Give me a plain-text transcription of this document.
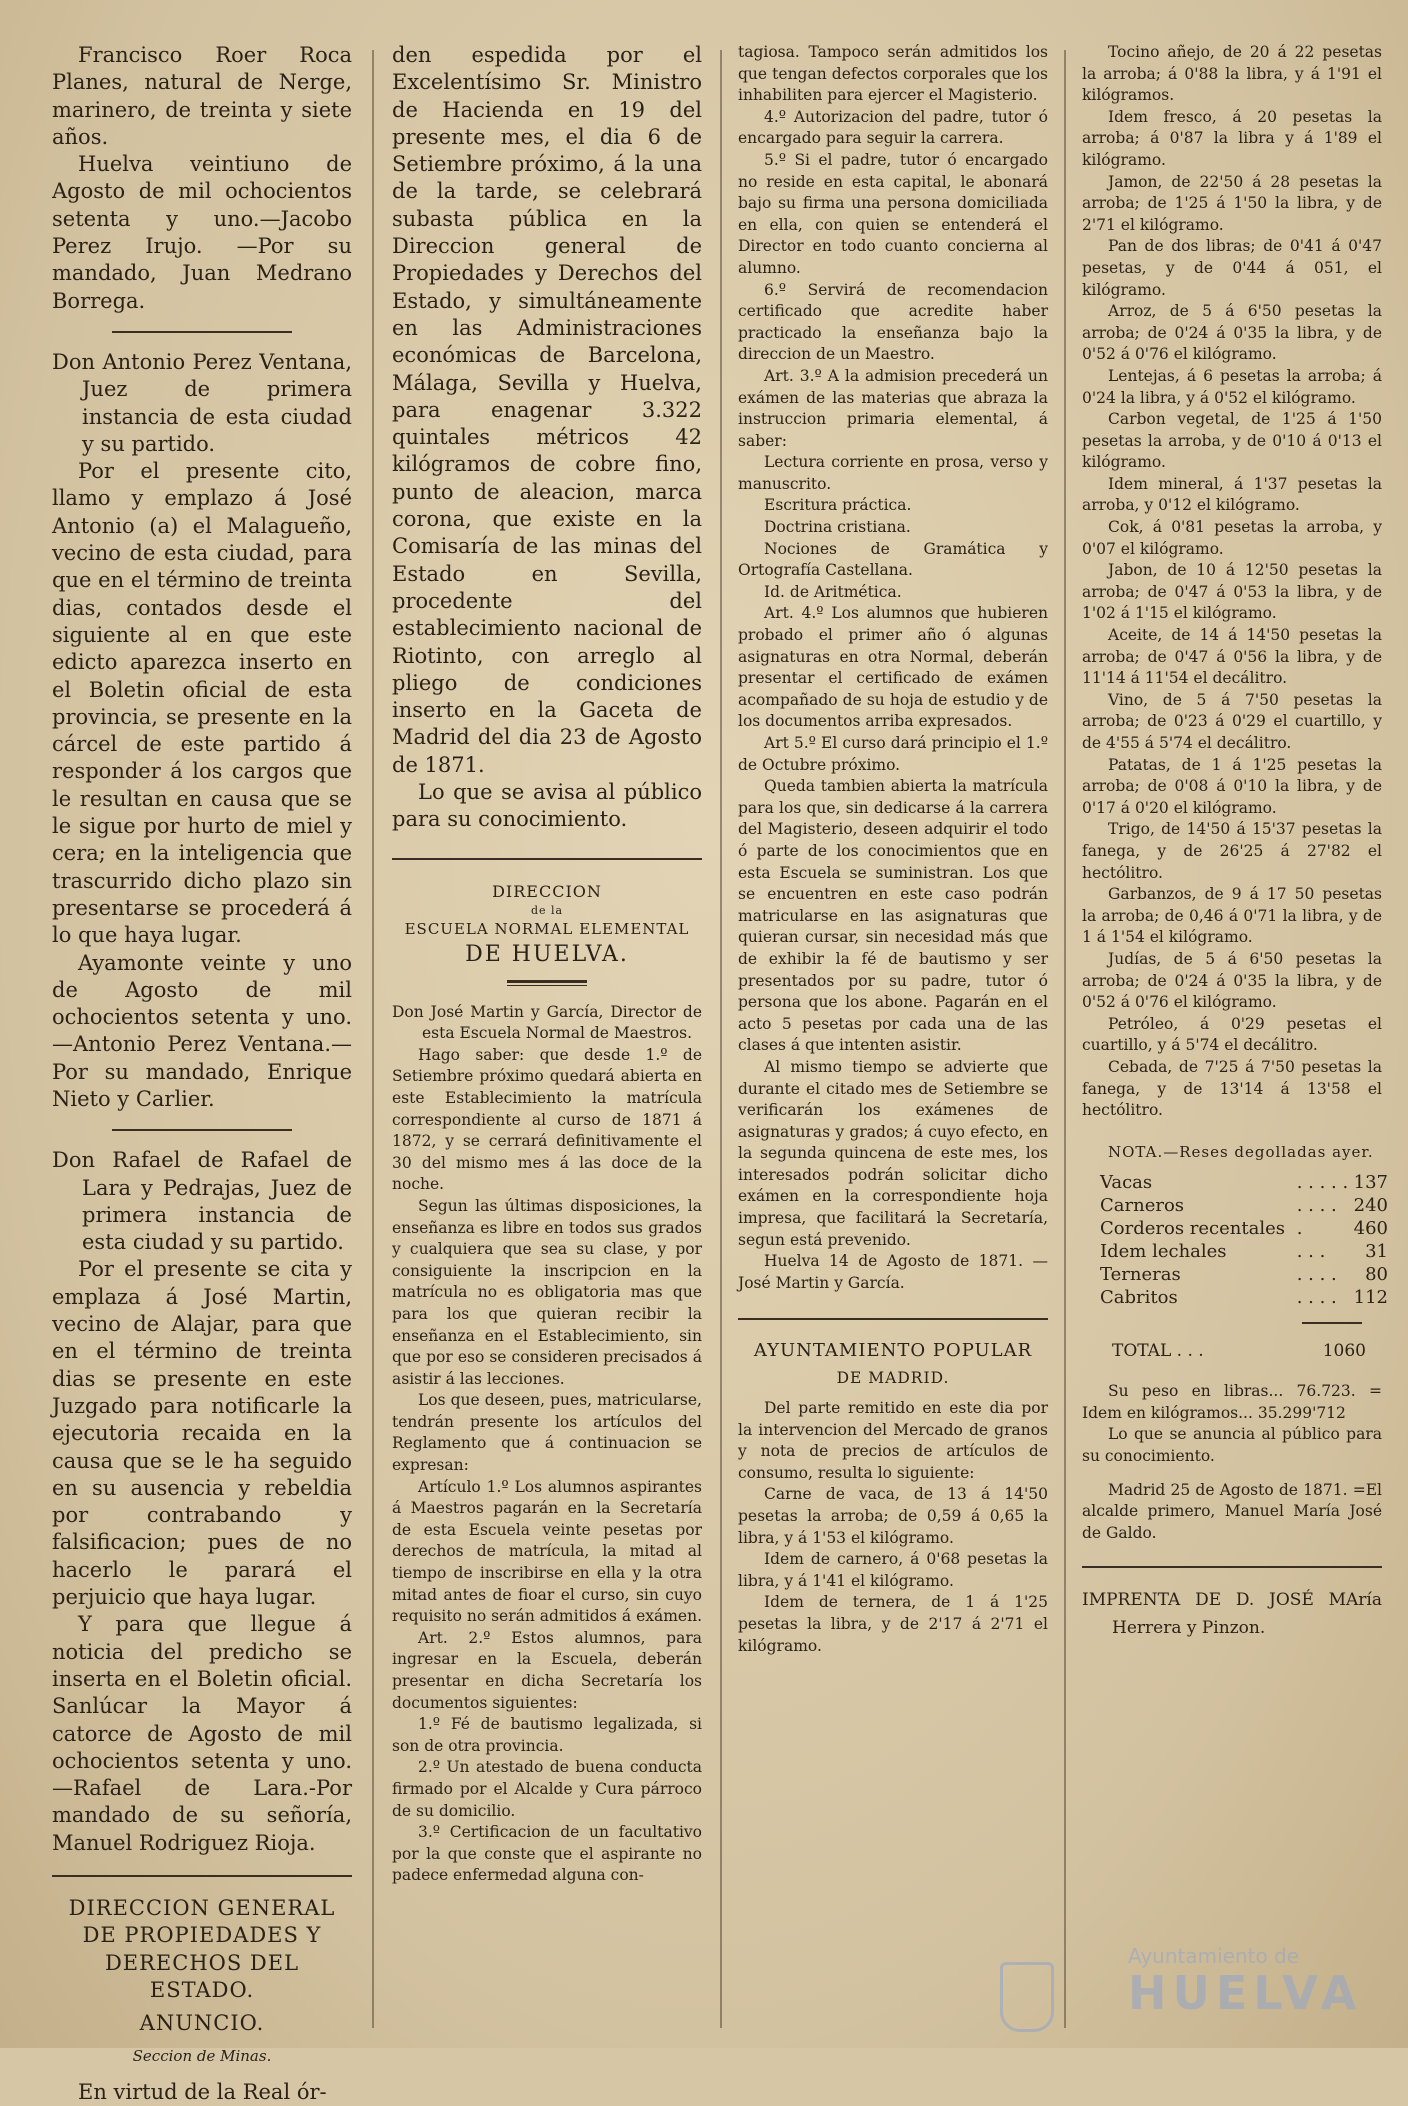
Francisco Roer Roca Planes, natural de Nerge, marinero, de treinta y siete años.

Huelva veintiuno de Agosto de mil ochocientos setenta y uno.—Jacobo Perez Irujo. —Por su mandado, Juan Medrano Borrega.

Don Antonio Perez Ventana, Juez de primera instancia de esta ciudad y su partido.

Por el presente cito, llamo y emplazo á José Antonio (a) el Malagueño, vecino de esta ciudad, para que en el término de treinta dias, contados desde el siguiente al en que este edicto aparezca inserto en el Boletin oficial de esta provincia, se presente en la cárcel de este partido á responder á los cargos que le resultan en causa que se le sigue por hurto de miel y cera; en la inteligencia que trascurrido dicho plazo sin presentarse se procederá á lo que haya lugar.

Ayamonte veinte y uno de Agosto de mil ochocientos setenta y uno.—Antonio Perez Ventana.—Por su mandado, Enrique Nieto y Carlier.

Don Rafael de Rafael de Lara y Pedrajas, Juez de primera instancia de esta ciudad y su partido.

Por el presente se cita y emplaza á José Martin, vecino de Alajar, para que en el término de treinta dias se presente en este Juzgado para notificarle la ejecutoria recaida en la causa que se le ha seguido en su ausencia y rebeldia por contrabando y falsificacion; pues de no hacerlo le parará el perjuicio que haya lugar.

Y para que llegue á noticia del predicho se inserta en el Boletin oficial. Sanlúcar la Mayor á catorce de Agosto de mil ochocientos setenta y uno. —Rafael de Lara.-Por mandado de su señoría, Manuel Rodriguez Rioja.

DIRECCION GENERAL DE PROPIEDADES Y DERECHOS DEL ESTADO.

ANUNCIO.

Seccion de Minas.

En virtud de la Real ór-

den espedida por el Excelentísimo Sr. Ministro de Hacienda en 19 del presente mes, el dia 6 de Setiembre próximo, á la una de la tarde, se celebrará subasta pública en la Direccion general de Propiedades y Derechos del Estado, y simultáneamente en las Administraciones económicas de Barcelona, Málaga, Sevilla y Huelva, para enagenar 3.322 quintales métricos 42 kilógramos de cobre fino, punto de aleacion, marca corona, que existe en la Comisaría de las minas del Estado en Sevilla, procedente del establecimiento nacional de Riotinto, con arreglo al pliego de condiciones inserto en la Gaceta de Madrid del dia 23 de Agosto de 1871.

Lo que se avisa al público para su conocimiento.

DIRECCION

de la

ESCUELA NORMAL ELEMENTAL

DE HUELVA.

Don José Martin y García, Director de esta Escuela Normal de Maestros.

Hago saber: que desde 1.º de Setiembre próximo quedará abierta en este Establecimiento la matrícula correspondiente al curso de 1871 á 1872, y se cerrará definitivamente el 30 del mismo mes á las doce de la noche.

Segun las últimas disposiciones, la enseñanza es libre en todos sus grados y cualquiera que sea su clase, y por consiguiente la inscripcion en la matrícula no es obligatoria mas que para los que quieran recibir la enseñanza en el Establecimiento, sin que por eso se consideren precisados á asistir á las lecciones.

Los que deseen, pues, matricularse, tendrán presente los artículos del Reglamento que á continuacion se expresan:

Artículo 1.º Los alumnos aspirantes á Maestros pagarán en la Secretaría de esta Escuela veinte pesetas por derechos de matrícula, la mitad al tiempo de inscribirse en ella y la otra mitad antes de fioar el curso, sin cuyo requisito no serán admitidos á exámen.

Art. 2.º Estos alumnos, para ingresar en la Escuela, deberán presentar en dicha Secretaría los documentos siguientes:

1.º Fé de bautismo legalizada, si son de otra provincia.

2.º Un atestado de buena conducta firmado por el Alcalde y Cura párroco de su domicilio.

3.º Certificacion de un facultativo por la que conste que el aspirante no padece enfermedad alguna con-

tagiosa. Tampoco serán admitidos los que tengan defectos corporales que los inhabiliten para ejercer el Magisterio.

4.º Autorizacion del padre, tutor ó encargado para seguir la carrera.

5.º Si el padre, tutor ó encargado no reside en esta capital, le abonará bajo su firma una persona domiciliada en ella, con quien se entenderá el Director en todo cuanto concierna al alumno.

6.º Servirá de recomendacion certificado que acredite haber practicado la enseñanza bajo la direccion de un Maestro.

Art. 3.º A la admision precederá un exámen de las materias que abraza la instruccion primaria elemental, á saber:

Lectura corriente en prosa, verso y manuscrito.

Escritura práctica.

Doctrina cristiana.

Nociones de Gramática y Ortografía Castellana.

Id. de Aritmética.

Art. 4.º Los alumnos que hubieren probado el primer año ó algunas asignaturas en otra Normal, deberán presentar el certificado de exámen acompañado de su hoja de estudio y de los documentos arriba expresados.

Art 5.º El curso dará principio el 1.º de Octubre próximo.

Queda tambien abierta la matrícula para los que, sin dedicarse á la carrera del Magisterio, deseen adquirir el todo ó parte de los conocimientos que en esta Escuela se suministran. Los que se encuentren en este caso podrán matricularse en las asignaturas que quieran cursar, sin necesidad más que de exhibir la fé de bautismo y ser presentados por su padre, tutor ó persona que los abone. Pagarán en el acto 5 pesetas por cada una de las clases á que intenten asistir.

Al mismo tiempo se advierte que durante el citado mes de Setiembre se verificarán los exámenes de asignaturas y grados; á cuyo efecto, en la segunda quincena de este mes, los interesados podrán solicitar dicho exámen en la correspondiente hoja impresa, que facilitará la Secretaría, segun está prevenido.

Huelva 14 de Agosto de 1871. —José Martin y García.

AYUNTAMIENTO POPULAR

DE MADRID.

Del parte remitido en este dia por la intervencion del Mercado de granos y nota de precios de artículos de consumo, resulta lo siguiente:

Carne de vaca, de 13 á 14'50 pesetas la arroba; de 0,59 á 0,65 la libra, y á 1'53 el kilógramo.

Idem de carnero, á 0'68 pesetas la libra, y á 1'41 el kilógramo.

Idem de ternera, de 1 á 1'25 pesetas la libra, y de 2'17 á 2'71 el kilógramo.

Tocino añejo, de 20 á 22 pesetas la arroba; á 0'88 la libra, y á 1'91 el kilógramos.

Idem fresco, á 20 pesetas la arroba; á 0'87 la libra y á 1'89 el kilógramo.

Jamon, de 22'50 á 28 pesetas la arroba; de 1'25 á 1'50 la libra, y de 2'71 el kilógramo.

Pan de dos libras; de 0'41 á 0'47 pesetas, y de 0'44 á 051, el kilógramo.

Arroz, de 5 á 6'50 pesetas la arroba; de 0'24 á 0'35 la libra, y de 0'52 á 0'76 el kilógramo.

Lentejas, á 6 pesetas la arroba; á 0'24 la libra, y á 0'52 el kilógramo.

Carbon vegetal, de 1'25 á 1'50 pesetas la arroba, y de 0'10 á 0'13 el kilógramo.

Idem mineral, á 1'37 pesetas la arroba, y 0'12 el kilógramo.

Cok, á 0'81 pesetas la arroba, y 0'07 el kilógramo.

Jabon, de 10 á 12'50 pesetas la arroba; de 0'47 á 0'53 la libra, y de 1'02 á 1'15 el kilógramo.

Aceite, de 14 á 14'50 pesetas la arroba; de 0'47 á 0'56 la libra, y de 11'14 á 11'54 el decálitro.

Vino, de 5 á 7'50 pesetas la arroba; de 0'23 á 0'29 el cuartillo, y de 4'55 á 5'74 el decálitro.

Patatas, de 1 á 1'25 pesetas la arroba; de 0'08 á 0'10 la libra, y de 0'17 á 0'20 el kilógramo.

Trigo, de 14'50 á 15'37 pesetas la fanega, y de 26'25 á 27'82 el hectólitro.

Garbanzos, de 9 á 17 50 pesetas la arroba; de 0,46 á 0'71 la libra, y de 1 á 1'54 el kilógramo.

Judías, de 5 á 6'50 pesetas la arroba; de 0'24 á 0'35 la libra, y de 0'52 á 0'76 el kilógramo.

Petróleo, á 0'29 pesetas el cuartillo, y á 5'74 el decálitro.

Cebada, de 7'25 á 7'50 pesetas la fanega, y de 13'14 á 13'58 el hectólitro.

NOTA.—Reses degolladas ayer.

Vacas	. . . . .	137
Carneros	. . . .	240
Corderos recentales	.	460
Idem lechales	. . .	31
Terneras	. . . .	80
Cabritos	. . . .	112
TOTAL . . .	1060

Su peso en libras... 76.723. = Idem en kilógramos... 35.299'712

Lo que se anuncia al público para su conocimiento.

Madrid 25 de Agosto de 1871. =El alcalde primero, Manuel María José de Galdo.

IMPRENTA DE D. JOSÉ MAría Herrera y Pinzon.

Ayuntamiento de
HUELVA
